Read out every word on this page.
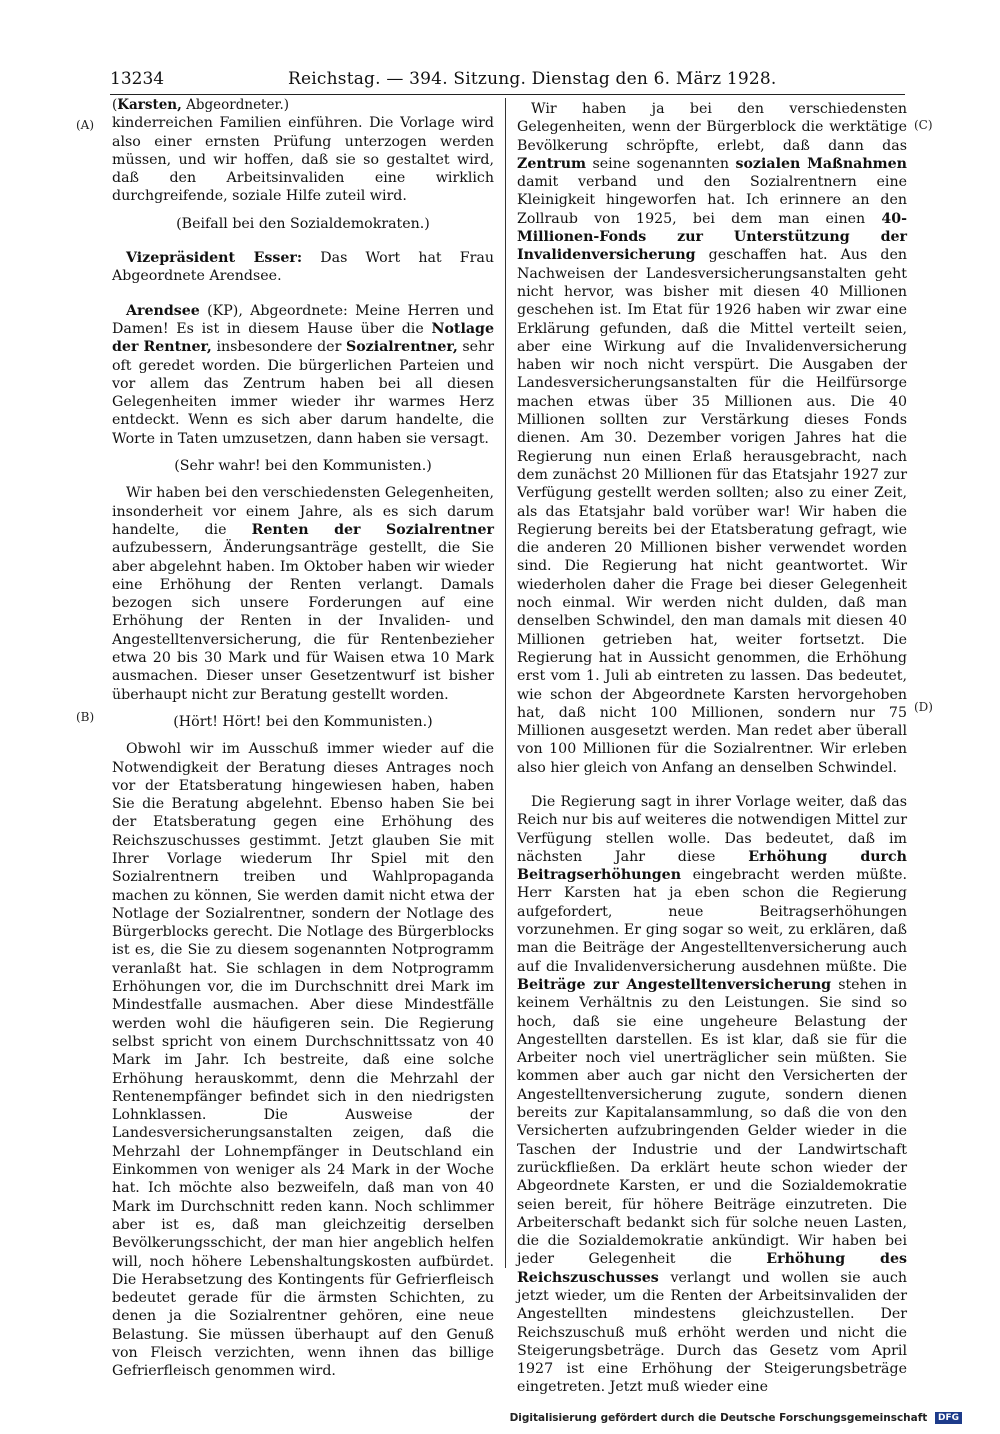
13234	Reichstag. — 394. Sitzung. Dienstag den 6. März 1928.
(A)
(B)
(C)
(D)
(Karsten, Abgeordneter.)

kinderreichen Familien einführen. Die Vorlage wird also einer ernsten Prüfung unterzogen werden müssen, und wir hoffen, daß sie so gestaltet wird, daß den Arbeitsinvaliden eine wirklich durchgreifende, soziale Hilfe zuteil wird.

(Beifall bei den Sozialdemokraten.)

Vizepräsident Esser: Das Wort hat Frau Abgeordnete Arendsee.

Arendsee (KP), Abgeordnete: Meine Herren und Damen! Es ist in diesem Hause über die Notlage der Rentner, insbesondere der Sozialrentner, sehr oft geredet worden. Die bürgerlichen Parteien und vor allem das Zentrum haben bei all diesen Gelegenheiten immer wieder ihr warmes Herz entdeckt. Wenn es sich aber darum handelte, die Worte in Taten umzusetzen, dann haben sie versagt.

(Sehr wahr! bei den Kommunisten.)

Wir haben bei den verschiedensten Gelegenheiten, insonderheit vor einem Jahre, als es sich darum handelte, die Renten der Sozialrentner aufzubessern, Änderungsanträge gestellt, die Sie aber abgelehnt haben. Im Oktober haben wir wieder eine Erhöhung der Renten verlangt. Damals bezogen sich unsere Forderungen auf eine Erhöhung der Renten in der Invaliden- und Angestelltenversicherung, die für Rentenbezieher etwa 20 bis 30 Mark und für Waisen etwa 10 Mark ausmachen. Dieser unser Gesetzentwurf ist bisher überhaupt nicht zur Beratung gestellt worden.

(Hört! Hört! bei den Kommunisten.)

Obwohl wir im Ausschuß immer wieder auf die Notwendigkeit der Beratung dieses Antrages noch vor der Etatsberatung hingewiesen haben, haben Sie die Beratung abgelehnt. Ebenso haben Sie bei der Etatsberatung gegen eine Erhöhung des Reichszuschusses gestimmt. Jetzt glauben Sie mit Ihrer Vorlage wiederum Ihr Spiel mit den Sozialrentnern treiben und Wahlpropaganda machen zu können, Sie werden damit nicht etwa der Notlage der Sozialrentner, sondern der Notlage des Bürgerblocks gerecht. Die Notlage des Bürgerblocks ist es, die Sie zu diesem sogenannten Notprogramm veranlaßt hat. Sie schlagen in dem Notprogramm Erhöhungen vor, die im Durchschnitt drei Mark im Mindestfalle ausmachen. Aber diese Mindestfälle werden wohl die häufigeren sein. Die Regierung selbst spricht von einem Durchschnittssatz von 40 Mark im Jahr. Ich bestreite, daß eine solche Erhöhung herauskommt, denn die Mehrzahl der Rentenempfänger befindet sich in den niedrigsten Lohnklassen. Die Ausweise der Landesversicherungsanstalten zeigen, daß die Mehrzahl der Lohnempfänger in Deutschland ein Einkommen von weniger als 24 Mark in der Woche hat. Ich möchte also bezweifeln, daß man von 40 Mark im Durchschnitt reden kann. Noch schlimmer aber ist es, daß man gleichzeitig derselben Bevölkerungsschicht, der man hier angeblich helfen will, noch höhere Lebenshaltungskosten aufbürdet. Die Herabsetzung des Kontingents für Gefrierfleisch bedeutet gerade für die ärmsten Schichten, zu denen ja die Sozialrentner gehören, eine neue Belastung. Sie müssen überhaupt auf den Genuß von Fleisch verzichten, wenn ihnen das billige Gefrierfleisch genommen wird.

Wir haben ja bei den verschiedensten Gelegenheiten, wenn der Bürgerblock die werktätige Bevölkerung schröpfte, erlebt, daß dann das Zentrum seine sogenannten sozialen Maßnahmen damit verband und den Sozialrentnern eine Kleinigkeit hingeworfen hat. Ich erinnere an den Zollraub von 1925, bei dem man einen 40-Millionen-Fonds zur Unterstützung der Invalidenversicherung geschaffen hat. Aus den Nachweisen der Landesversicherungsanstalten geht nicht hervor, was bisher mit diesen 40 Millionen geschehen ist. Im Etat für 1926 haben wir zwar eine Erklärung gefunden, daß die Mittel verteilt seien, aber eine Wirkung auf die Invalidenversicherung haben wir noch nicht verspürt. Die Ausgaben der Landesversicherungsanstalten für die Heilfürsorge machen etwas über 35 Millionen aus. Die 40 Millionen sollten zur Verstärkung dieses Fonds dienen. Am 30. Dezember vorigen Jahres hat die Regierung nun einen Erlaß herausgebracht, nach dem zunächst 20 Millionen für das Etatsjahr 1927 zur Verfügung gestellt werden sollten; also zu einer Zeit, als das Etatsjahr bald vorüber war! Wir haben die Regierung bereits bei der Etatsberatung gefragt, wie die anderen 20 Millionen bisher verwendet worden sind. Die Regierung hat nicht geantwortet. Wir wiederholen daher die Frage bei dieser Gelegenheit noch einmal. Wir werden nicht dulden, daß man denselben Schwindel, den man damals mit diesen 40 Millionen getrieben hat, weiter fortsetzt. Die Regierung hat in Aussicht genommen, die Erhöhung erst vom 1. Juli ab eintreten zu lassen. Das bedeutet, wie schon der Abgeordnete Karsten hervorgehoben hat, daß nicht 100 Millionen, sondern nur 75 Millionen ausgesetzt werden. Man redet aber überall von 100 Millionen für die Sozialrentner. Wir erleben also hier gleich von Anfang an denselben Schwindel.

Die Regierung sagt in ihrer Vorlage weiter, daß das Reich nur bis auf weiteres die notwendigen Mittel zur Verfügung stellen wolle. Das bedeutet, daß im nächsten Jahr diese Erhöhung durch Beitragserhöhungen eingebracht werden müßte. Herr Karsten hat ja eben schon die Regierung aufgefordert, neue Beitragserhöhungen vorzunehmen. Er ging sogar so weit, zu erklären, daß man die Beiträge der Angestelltenversicherung auch auf die Invalidenversicherung ausdehnen müßte. Die Beiträge zur Angestelltenversicherung stehen in keinem Verhältnis zu den Leistungen. Sie sind so hoch, daß sie eine ungeheure Belastung der Angestellten darstellen. Es ist klar, daß sie für die Arbeiter noch viel unerträglicher sein müßten. Sie kommen aber auch gar nicht den Versicherten der Angestelltenversicherung zugute, sondern dienen bereits zur Kapitalansammlung, so daß die von den Versicherten aufzubringenden Gelder wieder in die Taschen der Industrie und der Landwirtschaft zurückfließen. Da erklärt heute schon wieder der Abgeordnete Karsten, er und die Sozialdemokratie seien bereit, für höhere Beiträge einzutreten. Die Arbeiterschaft bedankt sich für solche neuen Lasten, die die Sozialdemokratie ankündigt. Wir haben bei jeder Gelegenheit die Erhöhung des Reichszuschusses verlangt und wollen sie auch jetzt wieder, um die Renten der Arbeitsinvaliden der Angestellten mindestens gleichzustellen. Der Reichszuschuß muß erhöht werden und nicht die Steigerungsbeträge. Durch das Gesetz vom April 1927 ist eine Erhöhung der Steigerungsbeträge eingetreten. Jetzt muß wieder eine

Digitalisierung gefördert durch die Deutsche Forschungsgemeinschaft DFG
